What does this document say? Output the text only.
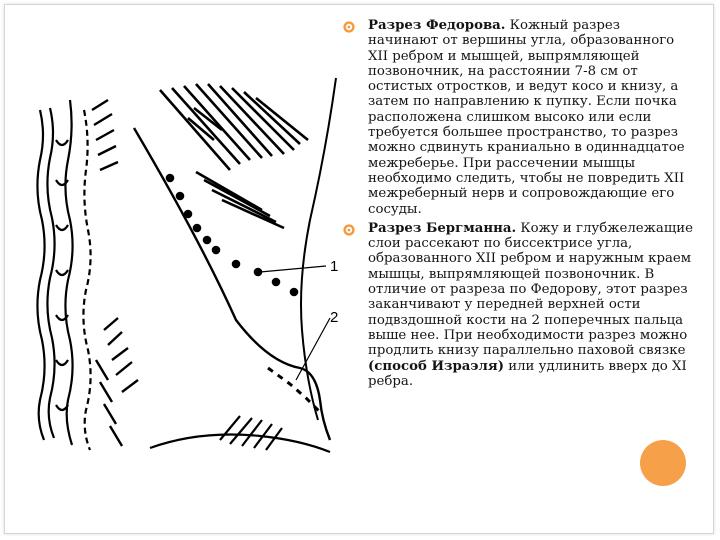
1
2

Разрез Федорова. Кожный разрез начинают от вершины угла, образованного XII ребром и мышцей, выпрямляющей позвоночник, на расстоянии 7-8 см от остистых отростков, и ведут косо и книзу, а затем по направлению к пупку. Если почка расположена слишком высоко или если требуется большее пространство, то разрез можно сдвинуть краниально в одиннадцатое межреберье. При рассечении мышцы необходимо следить, чтобы не повредить XII межреберный нерв и сопровождающие его сосуды.

Разрез Бергманна. Кожу и глубжележащие слои рассекают по биссектрисе угла, образованного XII ребром и наружным краем мышцы, выпрямляющей позвоночник. В отличие от разреза по Федорову, этот разрез заканчивают у передней верхней ости подвздошной кости на 2 поперечных пальца выше нее. При необходимости разрез можно продлить книзу параллельно паховой связке (способ Израэля) или удлинить вверх до XI ребра.
